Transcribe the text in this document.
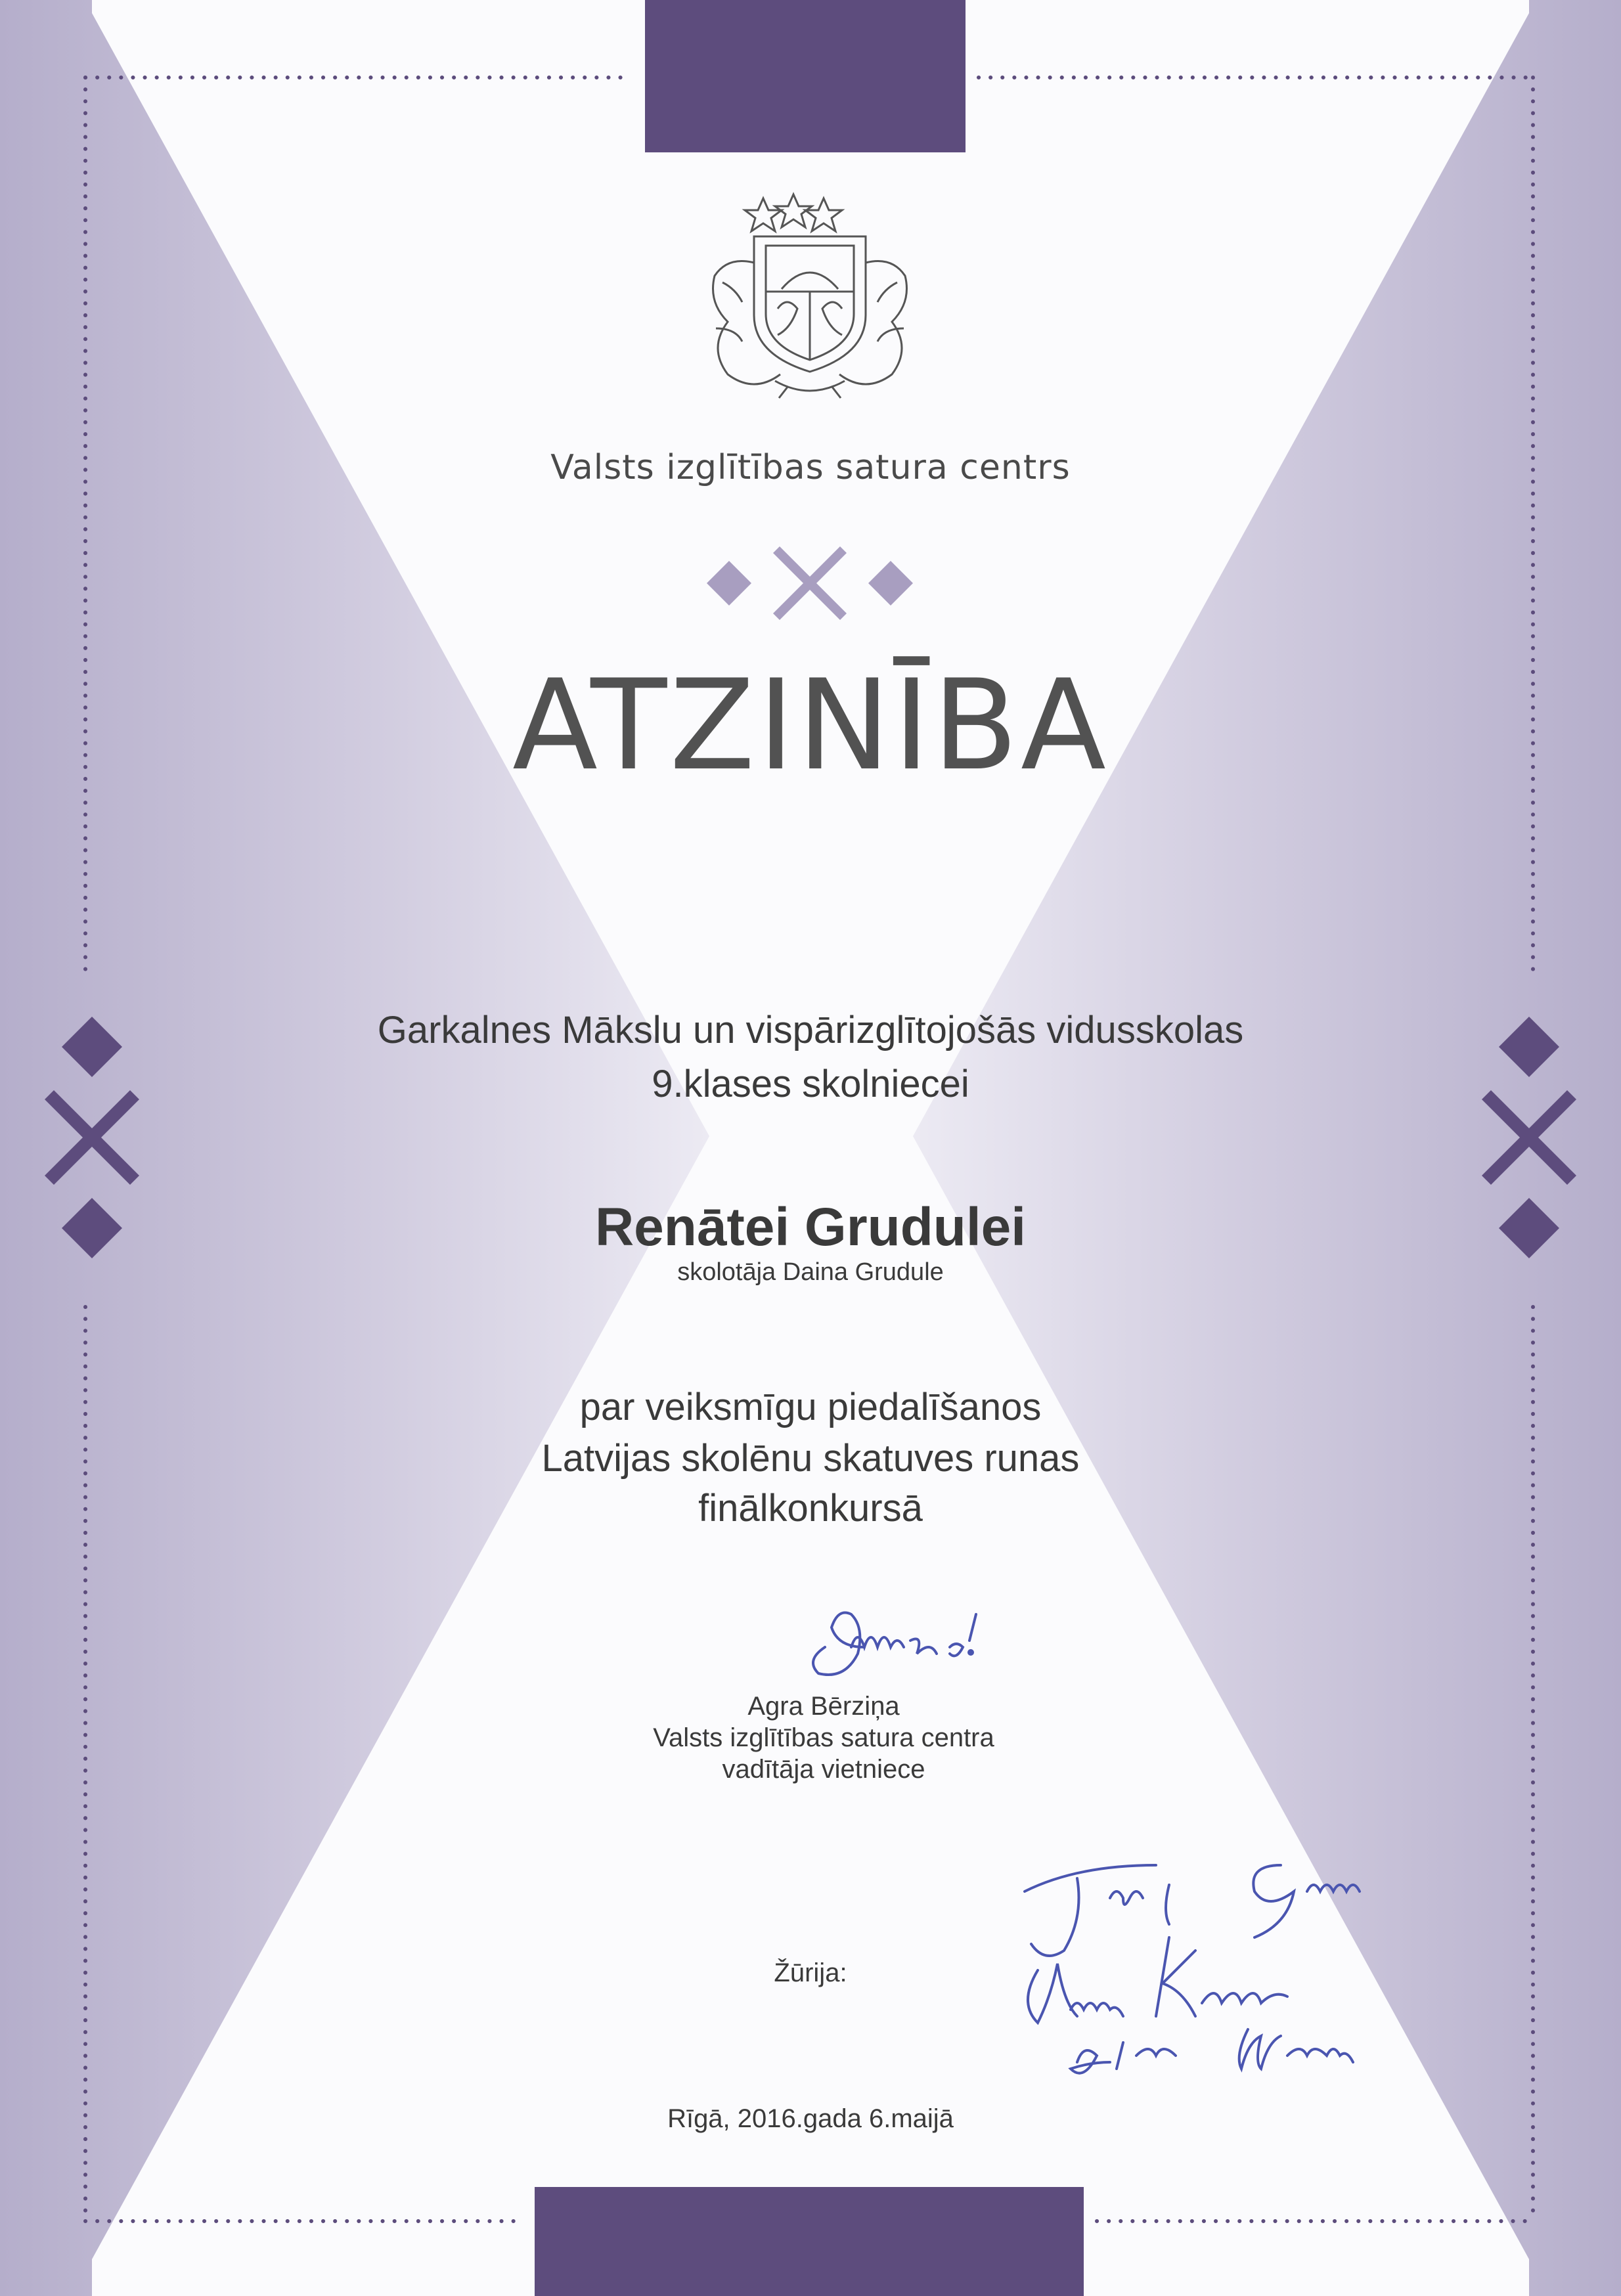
Valsts izglītības satura centrs
ATZINĪBA
Garkalnes Mākslu un vispārizglītojošās vidusskolas
9.klases skolniecei
Renātei Grudulei
skolotāja Daina Grudule
par veiksmīgu piedalīšanos
Latvijas skolēnu skatuves runas
finālkonkursā
Agra Bērziņa
Valsts izglītības satura centra
vadītāja vietniece
Žūrija:
Rīgā, 2016.gada 6.maijā
